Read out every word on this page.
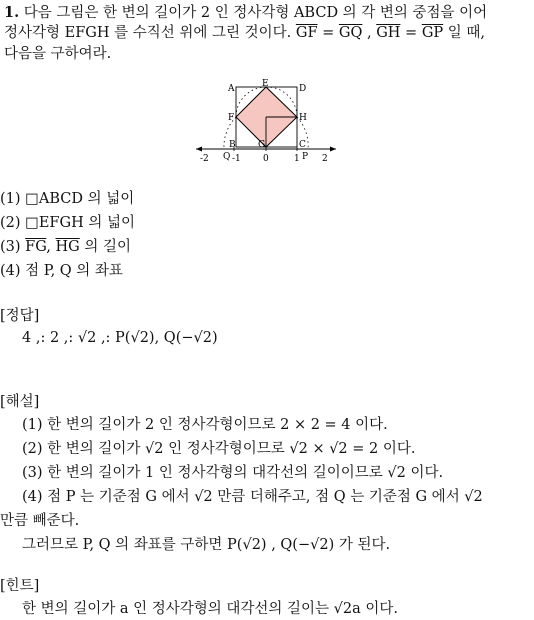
1. 다음 그림은 한 변의 길이가 2 인 정사각형 ABCD 의 각 변의 중점을 이어
정사각형 EFGH 를 수직선 위에 그린 것이다. $\overline{GF} = \overline{GQ}$ , $\overline{GH} = \overline{GP}$ 일 때,
다음을 구하여라.
A	E	D
F	H
B G	C
-2 Q -1 0	1 P 2
(1) □ABCD 의 넓이
(2) □EFGH 의 넓이
(3) $\overline{FG}$, $\overline{HG}$ 의 길이
(4) 점 P, Q 의 좌표
[정답]
4 ,: 2 ,: √2 ,: P(√2), Q(−√2)
[해설]
(1) 한 변의 길이가 2 인 정사각형이므로 2 × 2 = 4 이다.
(2) 한 변의 길이가 √2 인 정사각형이므로 √2 × √2 = 2 이다.
(3) 한 변의 길이가 1 인 정사각형의 대각선의 길이이므로 √2 이다.
(4) 점 P 는 기준점 G 에서 √2 만큼 더해주고, 점 Q 는 기준점 G 에서 √2
만큼 빼준다.
그러므로 P, Q 의 좌표를 구하면 P(√2) , Q(−√2) 가 된다.
[힌트]
한 변의 길이가 a 인 정사각형의 대각선의 길이는 √2a 이다.
